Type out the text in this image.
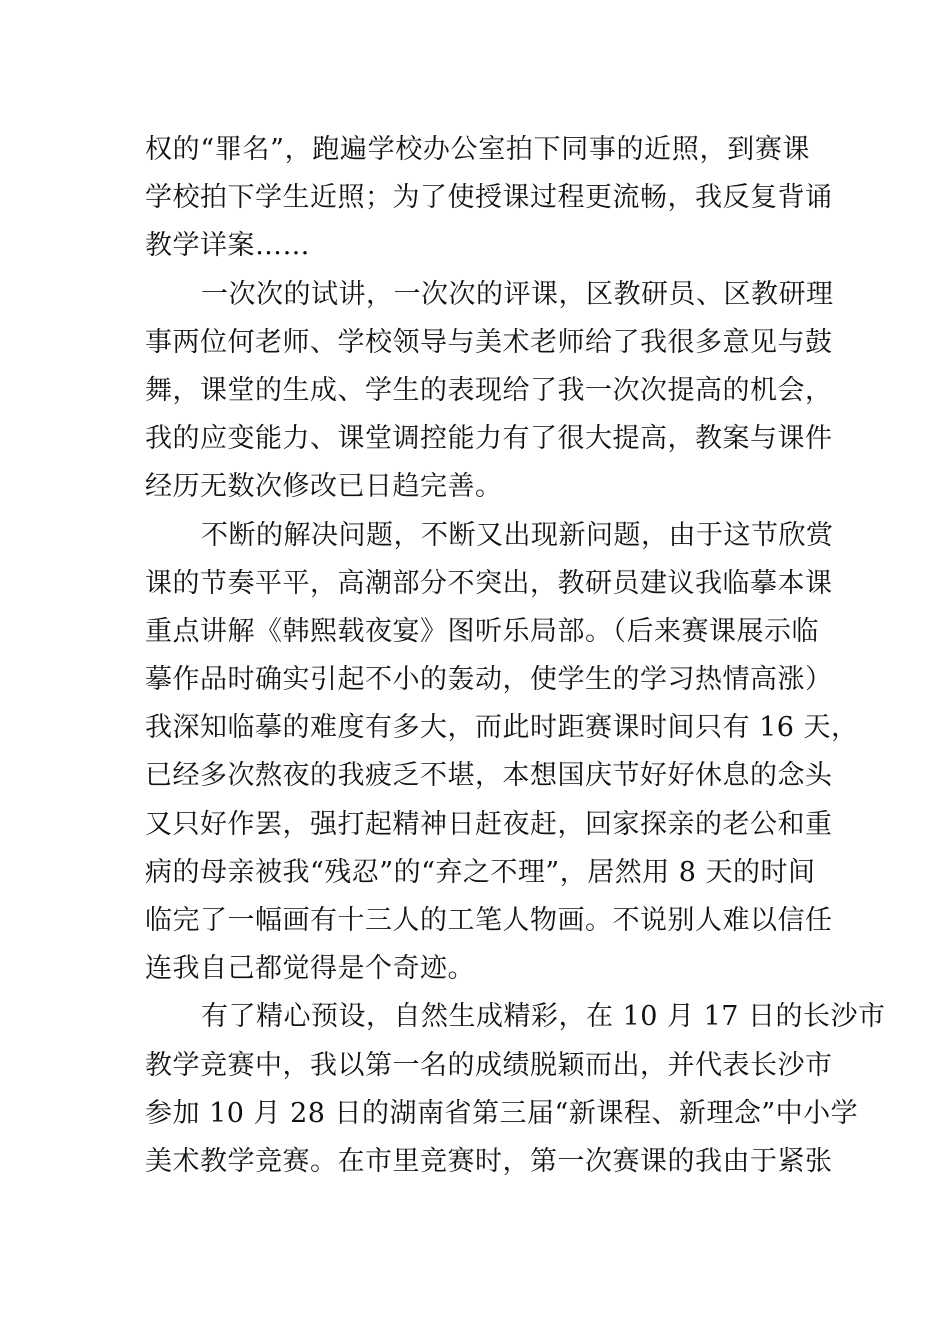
权的“罪名”，跑遍学校办公室拍下同事的近照，到赛课
学校拍下学生近照；为了使授课过程更流畅，我反复背诵
教学详案……
一次次的试讲，一次次的评课，区教研员、区教研理
事两位何老师、学校领导与美术老师给了我很多意见与鼓
舞，课堂的生成、学生的表现给了我一次次提高的机会，
我的应变能力、课堂调控能力有了很大提高，教案与课件
经历无数次修改已日趋完善。
不断的解决问题，不断又出现新问题，由于这节欣赏
课的节奏平平，高潮部分不突出，教研员建议我临摹本课
重点讲解《韩熙载夜宴》图听乐局部。（后来赛课展示临
摹作品时确实引起不小的轰动，使学生的学习热情高涨）
我深知临摹的难度有多大，而此时距赛课时间只有 16 天，
已经多次熬夜的我疲乏不堪，本想国庆节好好休息的念头
又只好作罢，强打起精神日赶夜赶，回家探亲的老公和重
病的母亲被我“残忍”的“弃之不理”，居然用 8 天的时间
临完了一幅画有十三人的工笔人物画。不说别人难以信任
连我自己都觉得是个奇迹。
有了精心预设，自然生成精彩，在 10 月 17 日的长沙市
教学竞赛中，我以第一名的成绩脱颖而出，并代表长沙市
参加 10 月 28 日的湖南省第三届“新课程、新理念”中小学
美术教学竞赛。在市里竞赛时，第一次赛课的我由于紧张
